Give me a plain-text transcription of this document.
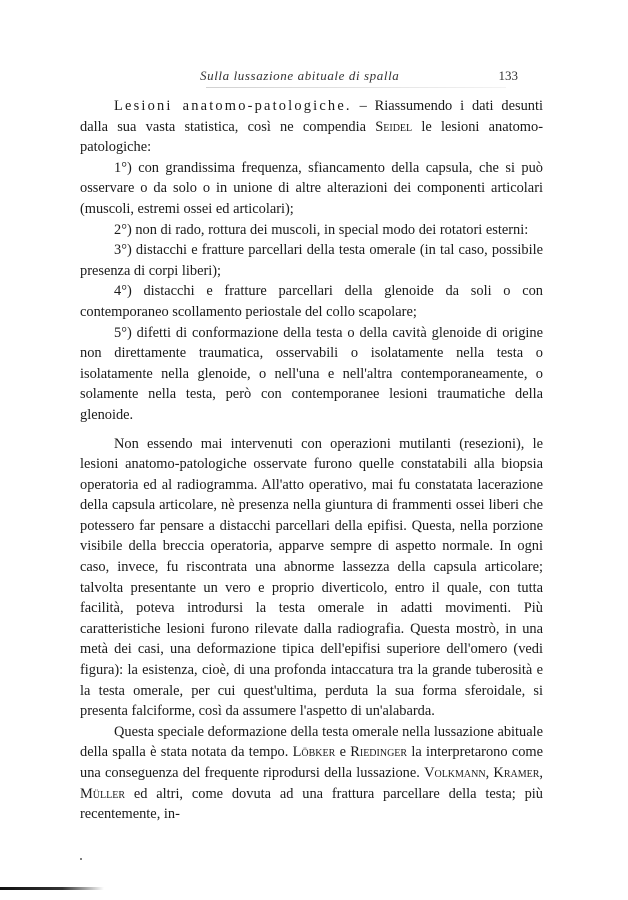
Sulla lussazione abituale di spalla	133

Lesioni anatomo-patologiche. – Riassumendo i dati desunti dalla sua vasta statistica, così ne compendia Seidel le lesioni anatomo-patologiche:

1°) con grandissima frequenza, sfiancamento della capsula, che si può osservare o da solo o in unione di altre alterazioni dei componenti articolari (muscoli, estremi ossei ed articolari);

2°) non di rado, rottura dei muscoli, in special modo dei rotatori esterni:

3°) distacchi e fratture parcellari della testa omerale (in tal caso, possibile presenza di corpi liberi);

4°) distacchi e fratture parcellari della glenoide da soli o con contemporaneo scollamento periostale del collo scapolare;

5°) difetti di conformazione della testa o della cavità glenoide di origine non direttamente traumatica, osservabili o isolatamente nella testa o isolatamente nella glenoide, o nell'una e nell'altra contemporaneamente, o solamente nella testa, però con contemporanee lesioni traumatiche della glenoide.

Non essendo mai intervenuti con operazioni mutilanti (resezioni), le lesioni anatomo-patologiche osservate furono quelle constatabili alla biopsia operatoria ed al radiogramma. All'atto operativo, mai fu constatata lacerazione della capsula articolare, nè presenza nella giuntura di frammenti ossei liberi che potessero far pensare a distacchi parcellari della epifisi. Questa, nella porzione visibile della breccia operatoria, apparve sempre di aspetto normale. In ogni caso, invece, fu riscontrata una abnorme lassezza della capsula articolare; talvolta presentante un vero e proprio diverticolo, entro il quale, con tutta facilità, poteva introdursi la testa omerale in adatti movimenti. Più caratteristiche lesioni furono rilevate dalla radiografia. Questa mostrò, in una metà dei casi, una deformazione tipica dell'epifisi superiore dell'omero (vedi figura): la esistenza, cioè, di una profonda intaccatura tra la grande tuberosità e la testa omerale, per cui quest'ultima, perduta la sua forma sferoidale, si presenta falciforme, così da assumere l'aspetto di un'alabarda.

Questa speciale deformazione della testa omerale nella lussazione abituale della spalla è stata notata da tempo. Löbker e Riedinger la interpretarono come una conseguenza del frequente riprodursi della lussazione. Volkmann, Kramer, Müller ed altri, come dovuta ad una frattura parcellare della testa; più recentemente, in-
